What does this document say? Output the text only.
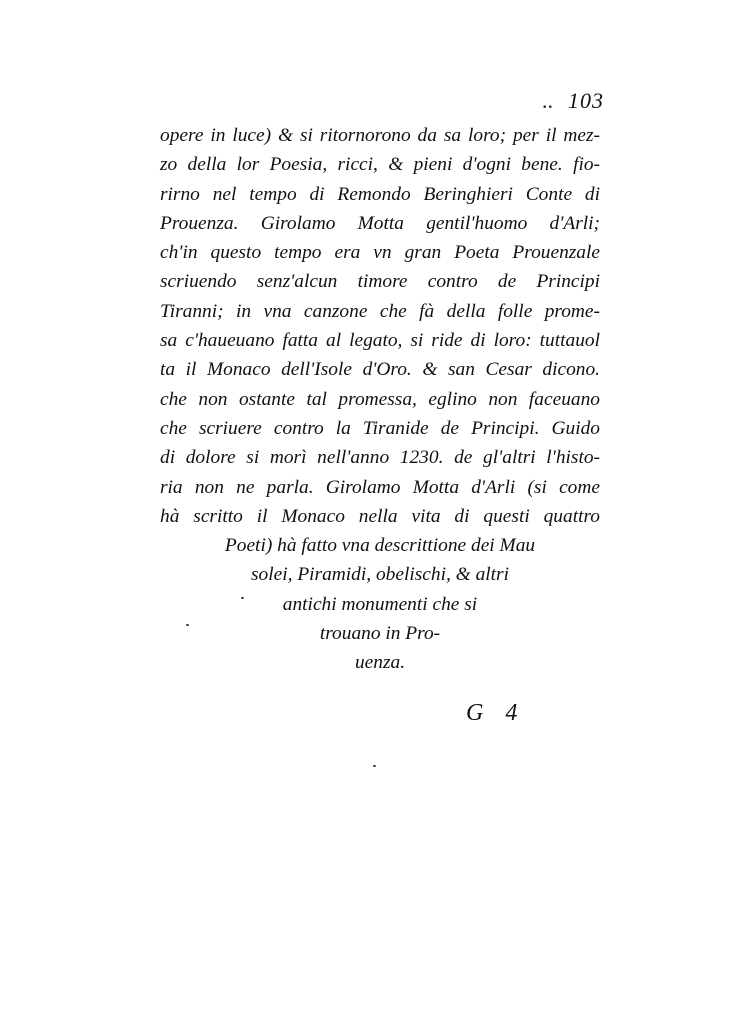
.. 103
opere in luce) & si ritornorono da sa loro; per il mez-
zo della lor Poesia, ricci, & pieni d'ogni bene. fio-
rirno nel tempo di Remondo Beringhieri Conte di
Prouenza. Girolamo Motta gentil'huomo d'Arli;
ch'in questo tempo era vn gran Poeta Prouenzale
scriuendo senz'alcun timore contro de Principi
Tiranni; in vna canzone che fà della folle prome-
sa c'haueuano fatta al legato, si ride di loro: tuttauol
ta il Monaco dell'Isole d'Oro. & san Cesar dicono.
che non ostante tal promessa, eglino non faceuano
che scriuere contro la Tiranide de Principi. Guido
di dolore si morì nell'anno 1230. de gl'altri l'histo-
ria non ne parla. Girolamo Motta d'Arli (si come
hà scritto il Monaco nella vita di questi quattro
Poeti) hà fatto vna descrittione dei Mau
solei, Piramidi, obelischi, & altri
antichi monumenti che si
trouano in Pro-
uenza.
G 4
